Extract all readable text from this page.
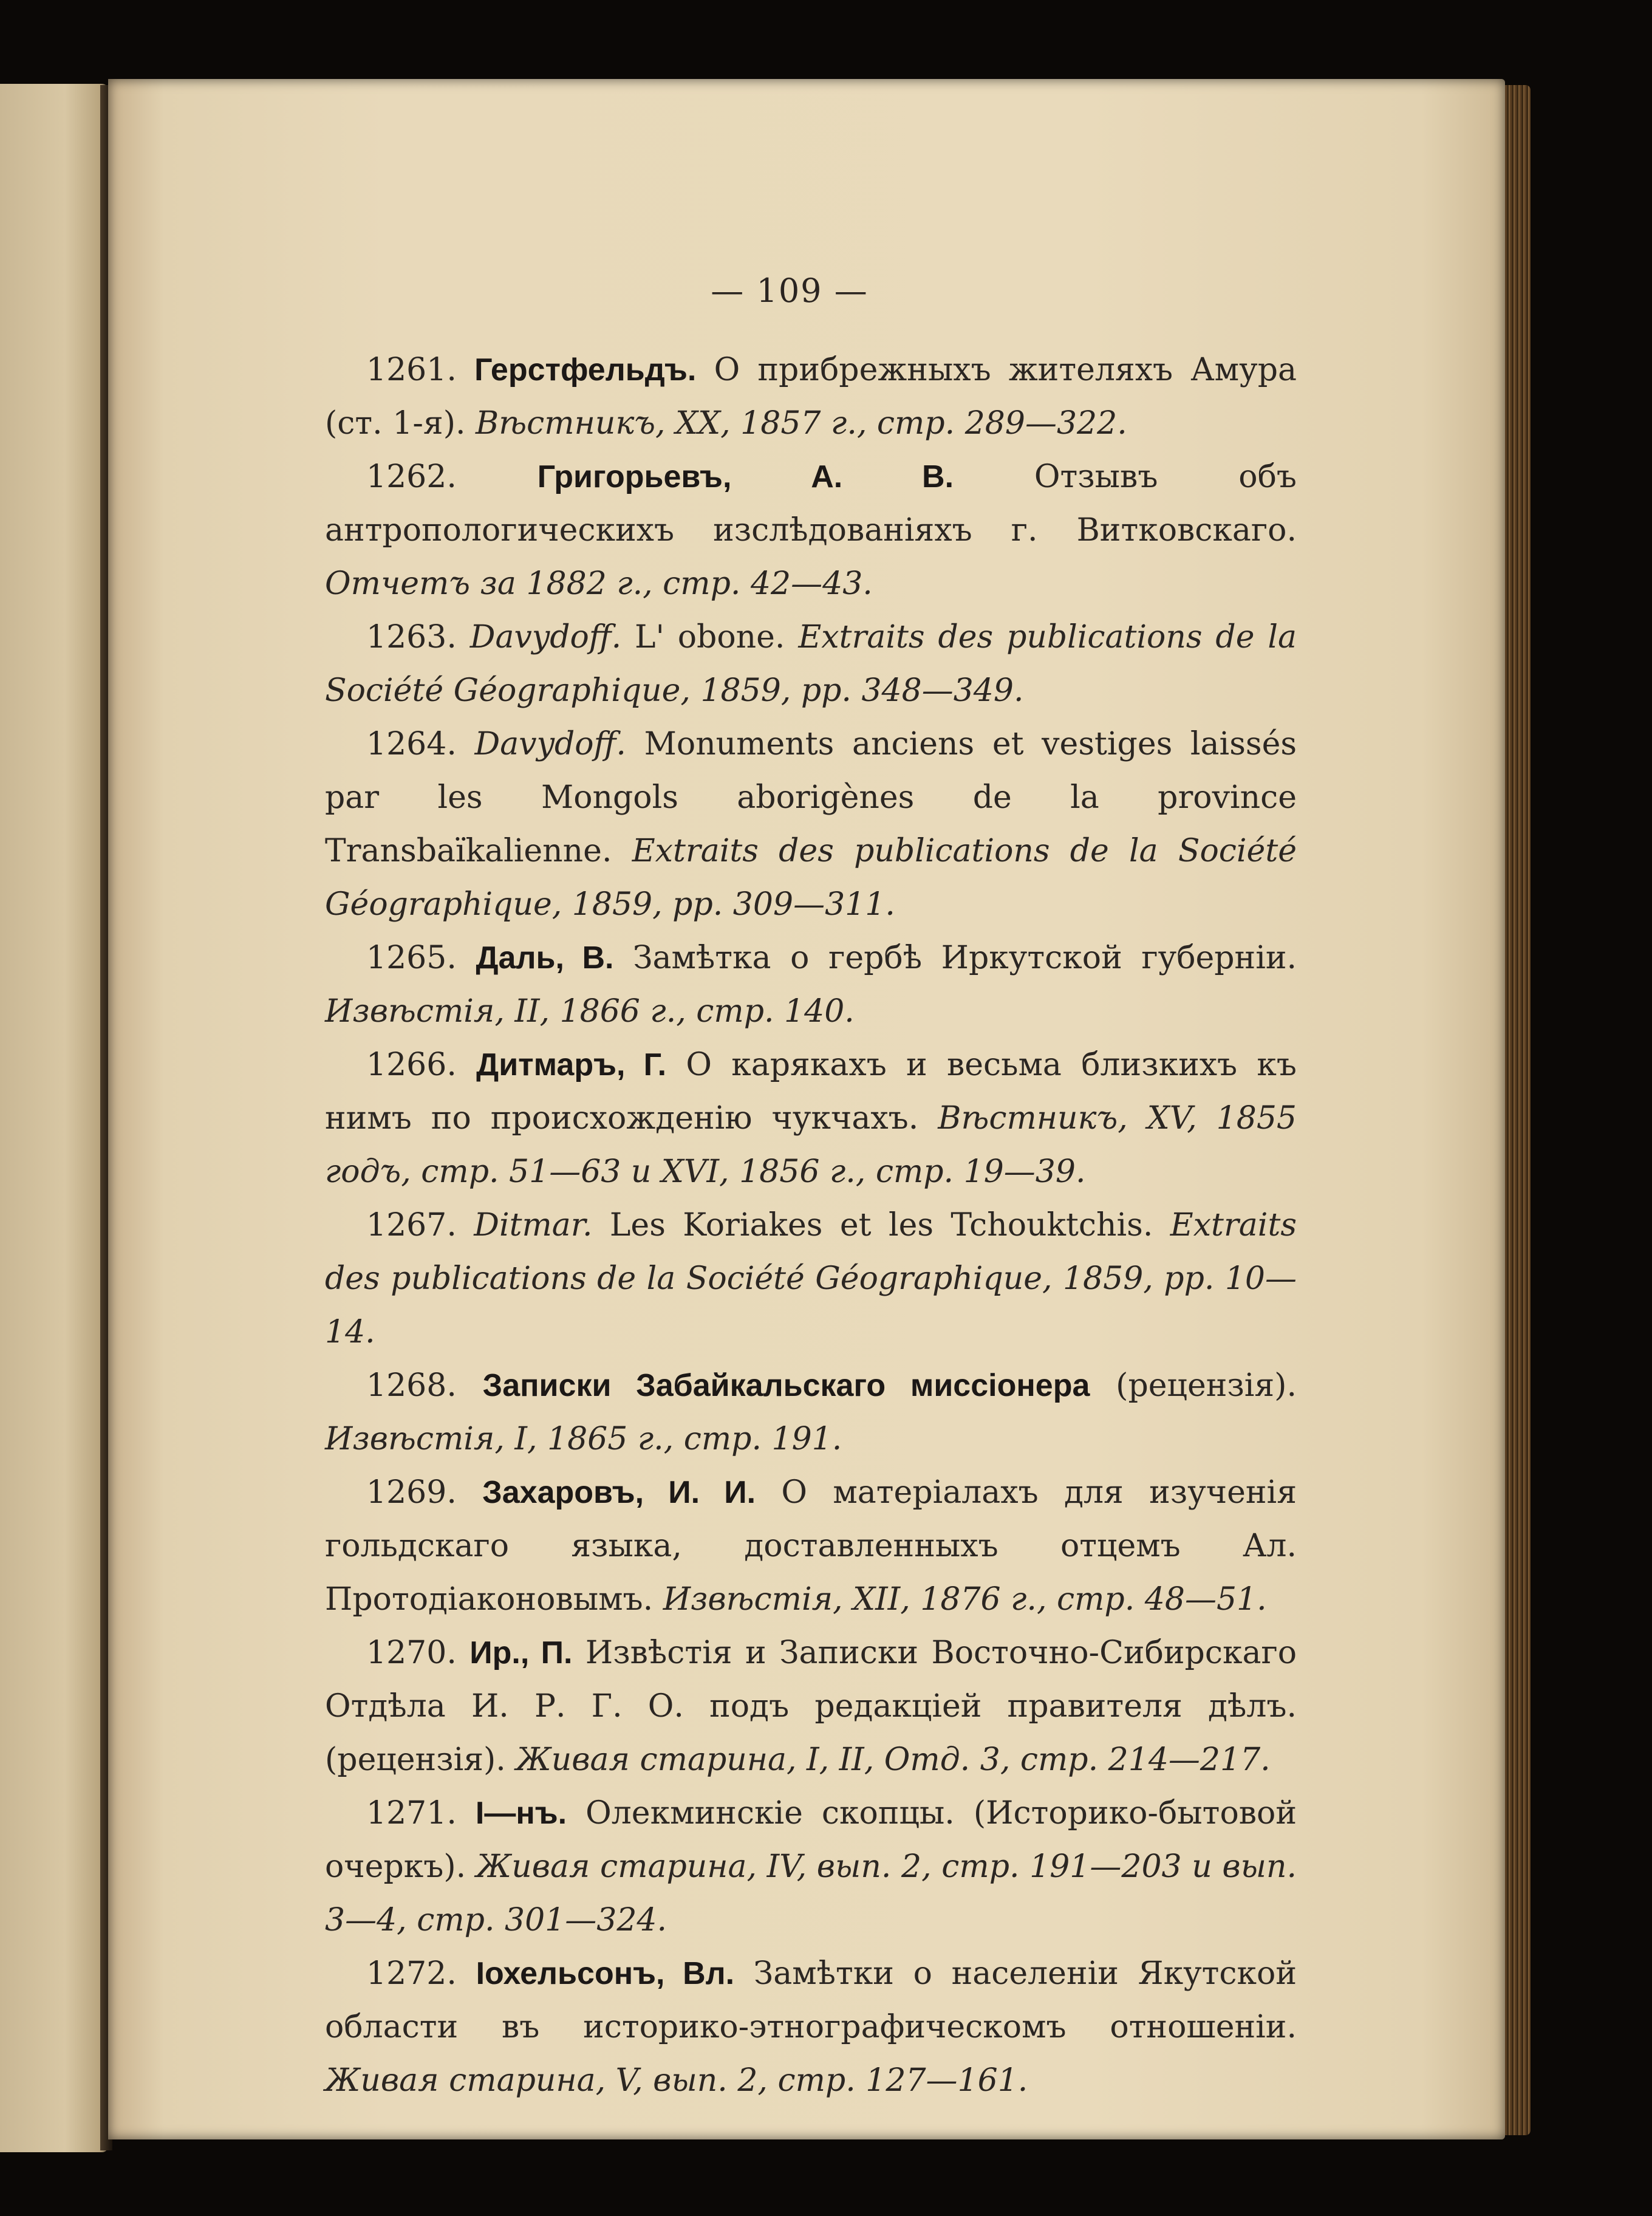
— 109 —

1261. Герстфельдъ. О прибрежныхъ жителяхъ Амура (ст. 1-я). Вѣстникъ, XX, 1857 г., стр. 289—322.

1262.	Григорьевъ, А. В.	Отзывъ объ антропологическихъ изслѣдованіяхъ г. Витковскаго. Отчетъ за 1882 г., стр. 42—43.

1263. Davydoff. L' obone. Extraits des publications de la Société Géographique, 1859, pp. 348—349.

1264. Davydoff. Monuments anciens et vestiges laissés par les Mongols aborigènes de la province Transbaïkalienne. Extraits des publications de la Société Géographique, 1859, pp. 309—311.

1265. Даль, В. Замѣтка о гербѣ Иркутской губерніи. Извѣстія, II, 1866 г., стр. 140.

1266. Дитмаръ, Г. О карякахъ и весьма близкихъ къ нимъ по происхожденію чукчахъ. Вѣстникъ, XV, 1855 годъ, стр. 51—63 и XVI, 1856 г., стр. 19—39.

1267. Ditmar. Les Koriakes et les Tchouktchis. Extraits des publications de la Société Géographique, 1859, pp. 10—14.

1268. Записки Забайкальскаго миссіонера (рецензія). Извѣстія, I, 1865 г., стр. 191.

1269. Захаровъ, И. И. О матеріалахъ для изученія гольдскаго языка, доставленныхъ отцемъ Ал. Протодіаконовымъ. Извѣстія, XII, 1876 г., стр. 48—51.

1270. Ир., П. Извѣстія и Записки Восточно-Сибирскаго Отдѣла И. Р. Г. О. подъ редакціей правителя дѣлъ. (рецензія). Живая старина, I, II, Отд. 3, стр. 214—217.

1271. I—нъ. Олекминскіе скопцы. (Историко-бытовой очеркъ). Живая старина, IV, вып. 2, стр. 191—203 и вып. 3—4, стр. 301—324.

1272. Іохельсонъ, Вл. Замѣтки о населеніи Якутской области въ историко-этнографическомъ отношеніи. Живая старина, V, вып. 2, стр. 127—161.
